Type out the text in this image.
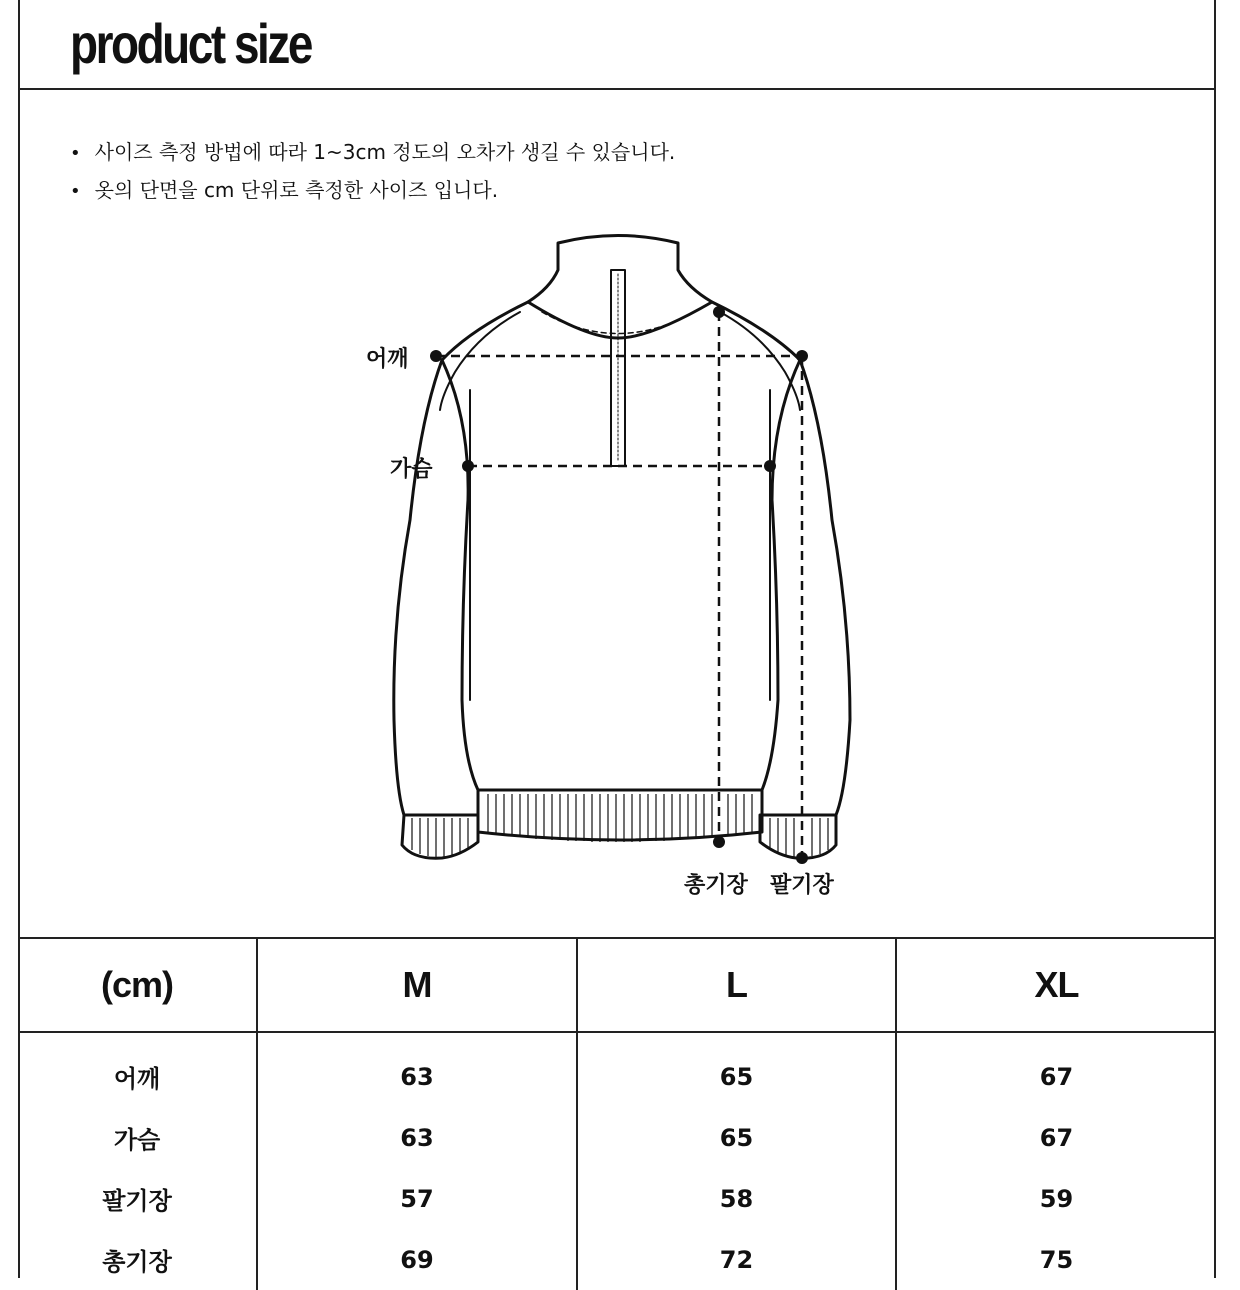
product size
• 사이즈 측정 방법에 따라 1~3cm 정도의 오차가 생길 수 있습니다.
• 옷의 단면을 cm 단위로 측정한 사이즈 입니다.
어깨
가슴
총기장 팔기장
(cm)	M	L	XL
어깨	63	65	67
가슴	63	65	67
팔기장	57	58	59
총기장	69	72	75
